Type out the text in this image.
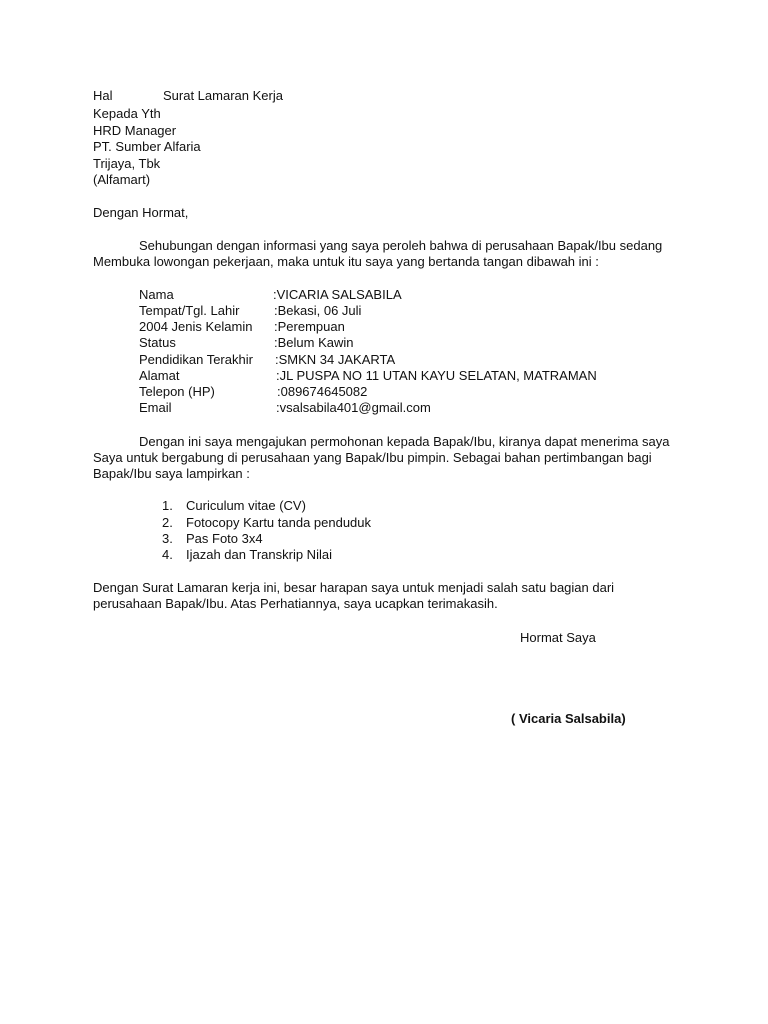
Hal	Surat Lamaran Kerja
Kepada Yth
HRD Manager
PT. Sumber Alfaria
Trijaya, Tbk
(Alfamart)
Dengan Hormat,
Sehubungan dengan informasi yang saya peroleh bahwa di perusahaan Bapak/Ibu sedang
Membuka lowongan pekerjaan, maka untuk itu saya yang bertanda tangan dibawah ini :
Nama	:VICARIA SALSABILA
Tempat/Tgl. Lahir	:Bekasi, 06 Juli
2004 Jenis Kelamin :Perempuan
Status	:Belum Kawin
Pendidikan Terakhir :SMKN 34 JAKARTA
Alamat	:JL PUSPA NO 11 UTAN KAYU SELATAN, MATRAMAN
Telepon (HP)	:089674645082
Email	:vsalsabila401@gmail.com
Dengan ini saya mengajukan permohonan kepada Bapak/Ibu, kiranya dapat menerima saya
Saya untuk bergabung di perusahaan yang Bapak/Ibu pimpin. Sebagai bahan pertimbangan bagi
Bapak/Ibu saya lampirkan :
1. Curiculum vitae (CV)
2. Fotocopy Kartu tanda penduduk
3. Pas Foto 3x4
4. Ijazah dan Transkrip Nilai
Dengan Surat Lamaran kerja ini, besar harapan saya untuk menjadi salah satu bagian dari
perusahaan Bapak/Ibu. Atas Perhatiannya, saya ucapkan terimakasih.
Hormat Saya
( Vicaria Salsabila)
